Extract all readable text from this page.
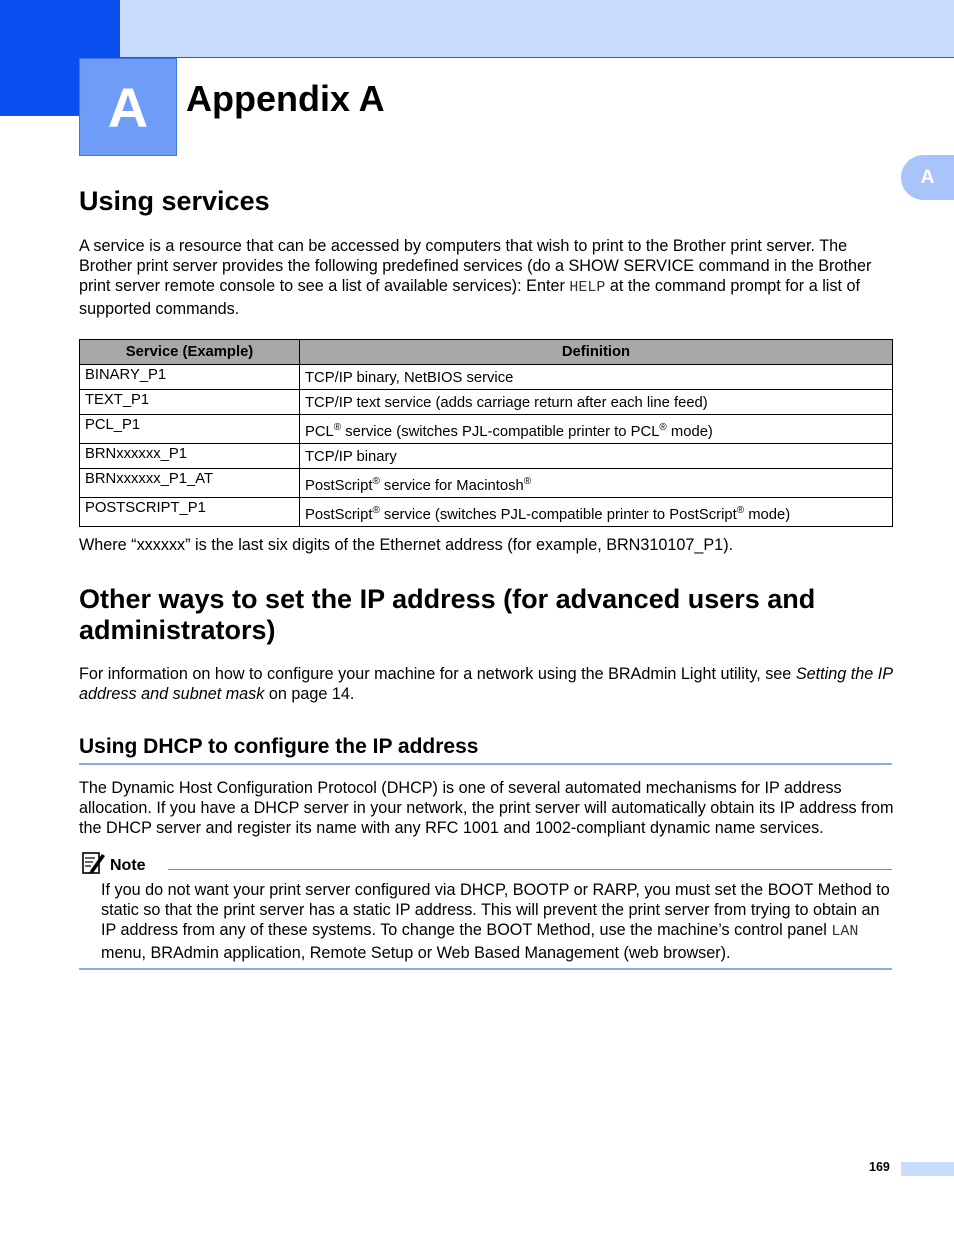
A Appendix A
A
Using services

A service is a resource that can be accessed by computers that wish to print to the Brother print server. The Brother print server provides the following predefined services (do a SHOW SERVICE command in the Brother print server remote console to see a list of available services): Enter HELP at the command prompt for a list of supported commands.

Service (Example)	Definition
BINARY_P1	TCP/IP binary, NetBIOS service
TEXT_P1	TCP/IP text service (adds carriage return after each line feed)
PCL_P1	PCL® service (switches PJL-compatible printer to PCL® mode)
BRNxxxxxx_P1	TCP/IP binary
BRNxxxxxx_P1_AT	PostScript® service for Macintosh®
POSTSCRIPT_P1	PostScript® service (switches PJL-compatible printer to PostScript® mode)

Where “xxxxxx” is the last six digits of the Ethernet address (for example, BRN310107_P1).

Other ways to set the IP address (for advanced users and
administrators)

For information on how to configure your machine for a network using the BRAdmin Light utility, see Setting the IP address and subnet mask on page 14.

Using DHCP to configure the IP address

The Dynamic Host Configuration Protocol (DHCP) is one of several automated mechanisms for IP address allocation. If you have a DHCP server in your network, the print server will automatically obtain its IP address from the DHCP server and register its name with any RFC 1001 and 1002-compliant dynamic name services.

Note

If you do not want your print server configured via DHCP, BOOTP or RARP, you must set the BOOT Method to static so that the print server has a static IP address. This will prevent the print server from trying to obtain an IP address from any of these systems. To change the BOOT Method, use the machine’s control panel LAN menu, BRAdmin application, Remote Setup or Web Based Management (web browser).

169
